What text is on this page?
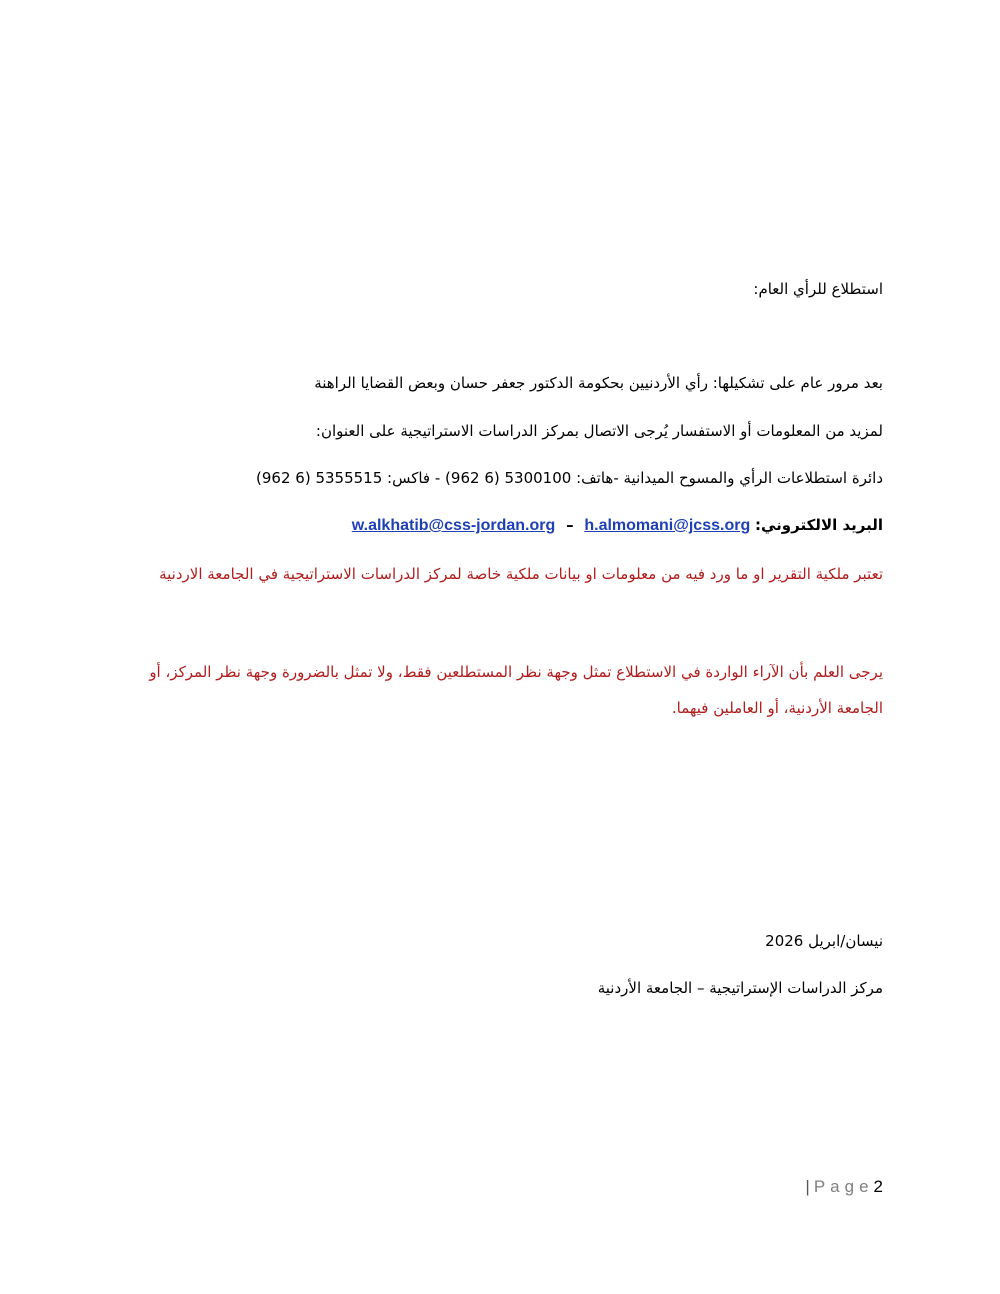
استطلاع للرأي العام:
بعد مرور عام على تشكيلها: رأي الأردنيين بحكومة الدكتور جعفر حسان وبعض القضايا الراهنة
لمزيد من المعلومات أو الاستفسار يُرجى الاتصال بمركز الدراسات الاستراتيجية على العنوان:
دائرة استطلاعات الرأي والمسوح الميدانية -هاتف: 5300100 (6 962) - فاكس: 5355515 (6 962)
البريد الالكتروني: w.alkhatib@css-jordan.org – h.almomani@jcss.org
تعتبر ملكية التقرير او ما ورد فيه من معلومات او بيانات ملكية خاصة لمركز الدراسات الاستراتيجية في الجامعة الاردنية
يرجى العلم بأن الآراء الواردة في الاستطلاع تمثل وجهة نظر المستطلعين فقط، ولا تمثل بالضرورة وجهة نظر المركز، أو الجامعة الأردنية، أو العاملين فيهما.
نيسان/ابريل 2026
مركز الدراسات الإستراتيجية – الجامعة الأردنية
| Page2
